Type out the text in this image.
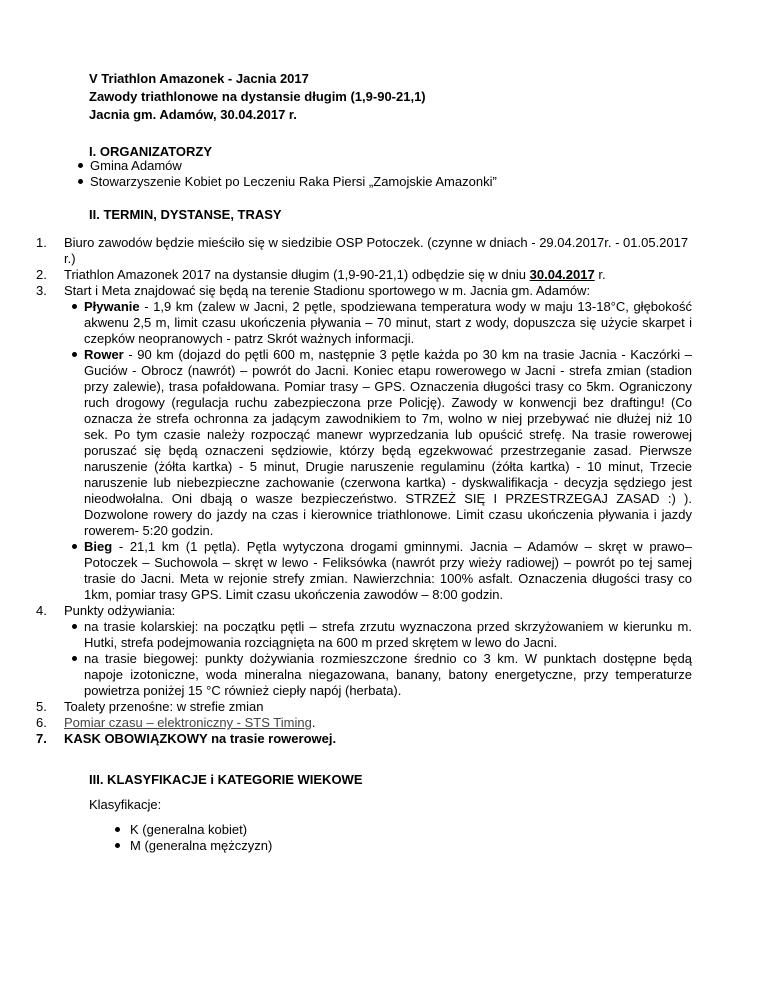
V Triathlon Amazonek - Jacnia 2017
Zawody triathlonowe na dystansie długim (1,9-90-21,1)
Jacnia gm. Adamów, 30.04.2017 r.
I. ORGANIZATORZY
Gmina Adamów
Stowarzyszenie Kobiet po Leczeniu Raka Piersi „Zamojskie Amazonki”
II. TERMIN, DYSTANSE, TRASY
1.	Biuro zawodów będzie mieściło się w siedzibie OSP Potoczek. (czynne w dniach - 29.04.2017r. - 01.05.2017 r.)
2.	Triathlon Amazonek 2017 na dystansie długim (1,9-90-21,1) odbędzie się w dniu 30.04.2017 r.
3.	Start i Meta znajdować się będą na terenie Stadionu sportowego w m. Jacnia gm. Adamów:
Pływanie - 1,9 km (zalew w Jacni, 2 pętle, spodziewana temperatura wody w maju 13-18°C, głębokość akwenu 2,5 m, limit czasu ukończenia pływania – 70 minut, start z wody, dopuszcza się użycie skarpet i czepków neopranowych - patrz Skrót ważnych informacji.
Rower - 90 km (dojazd do pętli 600 m, następnie 3 pętle każda po 30 km na trasie Jacnia - Kaczórki – Guciów - Obrocz (nawrót) – powrót do Jacni. Koniec etapu rowerowego w Jacni - strefa zmian (stadion przy zalewie), trasa pofałdowana. Pomiar trasy – GPS. Oznaczenia długości trasy co 5km. Ograniczony ruch drogowy (regulacja ruchu zabezpieczona prze Policję). Zawody w konwencji bez draftingu! (Co oznacza że strefa ochronna za jadącym zawodnikiem to 7m, wolno w niej przebywać nie dłużej niż 10 sek. Po tym czasie należy rozpocząć manewr wyprzedzania lub opuścić strefę. Na trasie rowerowej poruszać się będą oznaczeni sędziowie, którzy będą egzekwować przestrzeganie zasad. Pierwsze naruszenie (żółta kartka) - 5 minut, Drugie naruszenie regulaminu (żółta kartka) - 10 minut, Trzecie naruszenie lub niebezpieczne zachowanie (czerwona kartka) - dyskwalifikacja - decyzja sędziego jest nieodwołalna. Oni dbają o wasze bezpieczeństwo. STRZEŻ SIĘ I PRZESTRZEGAJ ZASAD :) ). Dozwolone rowery do jazdy na czas i kierownice triathlonowe. Limit czasu ukończenia pływania i jazdy rowerem- 5:20 godzin.
Bieg - 21,1 km (1 pętla). Pętla wytyczona drogami gminnymi. Jacnia – Adamów – skręt w prawo– Potoczek – Suchowola – skręt w lewo - Feliksówka (nawrót przy wieży radiowej) – powrót po tej samej trasie do Jacni. Meta w rejonie strefy zmian. Nawierzchnia: 100% asfalt. Oznaczenia długości trasy co 1km, pomiar trasy GPS. Limit czasu ukończenia zawodów – 8:00 godzin.
4.	Punkty odżywiania:
na trasie kolarskiej: na początku pętli – strefa zrzutu wyznaczona przed skrzyżowaniem w kierunku m. Hutki, strefa podejmowania rozciągnięta na 600 m przed skrętem w lewo do Jacni.
na trasie biegowej: punkty dożywiania rozmieszczone średnio co 3 km. W punktach dostępne będą napoje izotoniczne, woda mineralna niegazowana, banany, batony energetyczne, przy temperaturze powietrza poniżej 15 °C również ciepły napój (herbata).
5.	Toalety przenośne: w strefie zmian
6.	Pomiar czasu – elektroniczny - STS Timing.
7.	KASK OBOWIĄZKOWY na trasie rowerowej.
III. KLASYFIKACJE i KATEGORIE WIEKOWE
Klasyfikacje:
K (generalna kobiet)
M (generalna mężczyzn)
